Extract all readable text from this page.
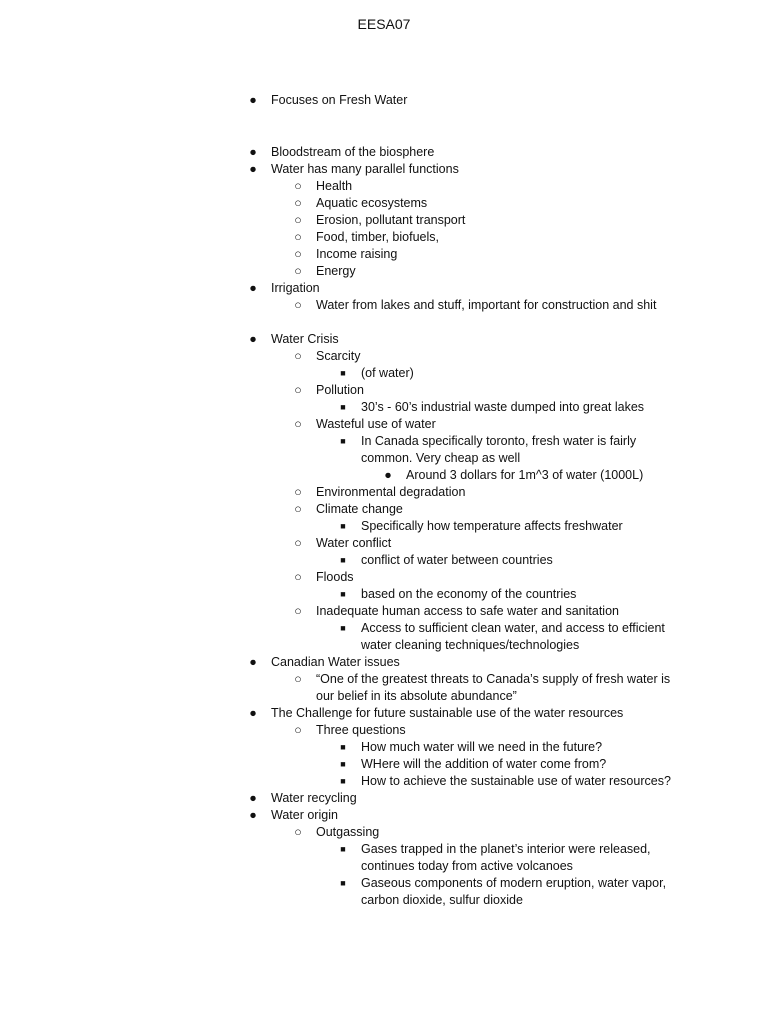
EESA07
● Focuses on Fresh Water
● Bloodstream of the biosphere
● Water has many parallel functions
○ Health
○ Aquatic ecosystems
○ Erosion, pollutant transport
○ Food, timber, biofuels,
○ Income raising
○ Energy
● Irrigation
○ Water from lakes and stuff, important for construction and shit
● Water Crisis
○ Scarcity
■	(of water)
○ Pollution
■	30’s - 60’s industrial waste dumped into great lakes
○ Wasteful use of water
■	In Canada specifically toronto, fresh water is fairly common. Very cheap as well
● Around 3 dollars for 1m^3 of water (1000L)
○ Environmental degradation
○ Climate change
■	Specifically how temperature affects freshwater
○ Water conflict
■	conflict of water between countries
○ Floods
■	based on the economy of the countries
○ Inadequate human access to safe water and sanitation
■	Access to sufficient clean water, and access to efficient water cleaning techniques/technologies
● Canadian Water issues
○ “One of the greatest threats to Canada’s supply of fresh water is our belief in its absolute abundance”
● The Challenge for future sustainable use of the water resources
○ Three questions
■	How much water will we need in the future?
■	WHere will the addition of water come from?
■	How to achieve the sustainable use of water resources?
● Water recycling
● Water origin
○ Outgassing
■	Gases trapped in the planet’s interior were released, continues today from active volcanoes
■	Gaseous components of modern eruption, water vapor, carbon dioxide, sulfur dioxide
